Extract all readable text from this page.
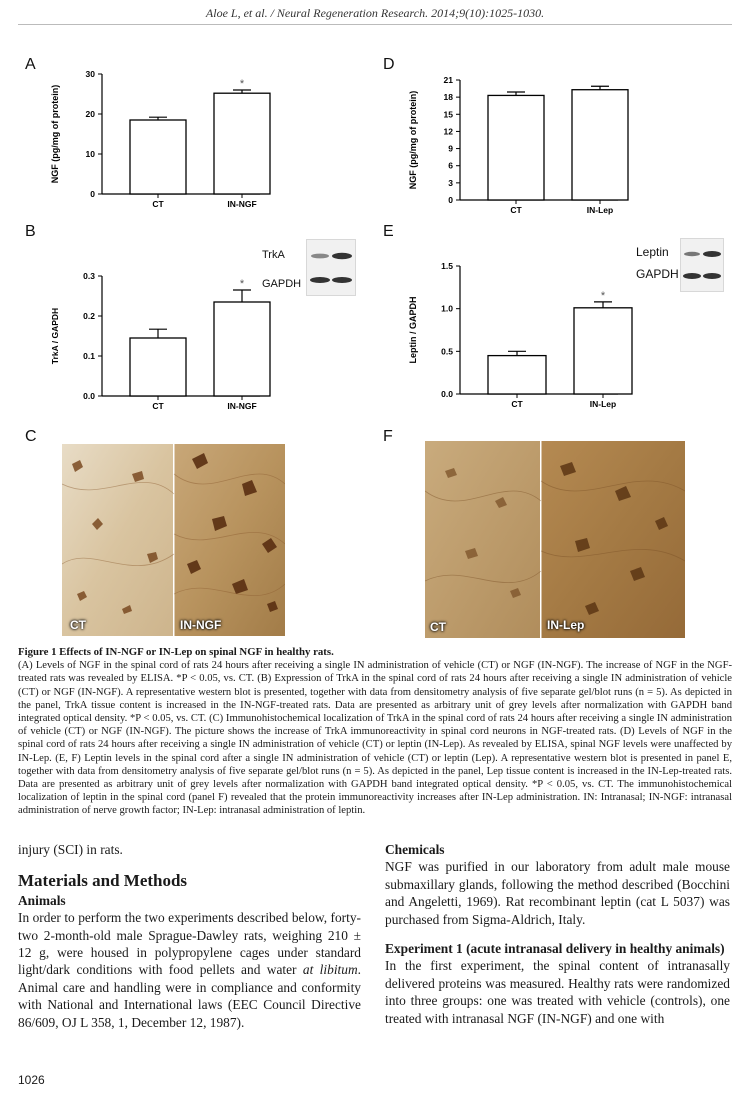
Aloe L, et al. / Neural Regeneration Research. 2014;9(10):1025-1030.
A
B
C
D
E
F
0
10
20
30
NGF (pg/mg of protein)
CT	IN-NGF
*
0.0
0.1
0.2
0.3
TrkA / GAPDH
CT	IN-NGF
*
0
3
6
9
12
15
18
21
NGF (pg/mg of protein)
CT	IN-Lep
0.0
0.5
1.0
1.5
Leptin / GAPDH
CT	IN-Lep
*
TrkA
GAPDH
Leptin
GAPDH
CT	IN-NGF	CT	IN-Lep
Figure 1 Effects of IN-NGF or IN-Lep on spinal NGF in healthy rats.
(A) Levels of NGF in the spinal cord of rats 24 hours after receiving a single IN administration of vehicle (CT) or NGF (IN-NGF). The increase of NGF in the NGF-treated rats was revealed by ELISA. *P < 0.05, vs. CT. (B) Expression of TrkA in the spinal cord of rats 24 hours after receiving a single IN administration of vehicle (CT) or NGF (IN-NGF). A representative western blot is presented, together with data from densitometry analysis of five separate gel/blot runs (n = 5). As depicted in the panel, TrkA tissue content is increased in the IN-NGF-treated rats. Data are presented as arbitrary unit of grey levels after normalization with GAPDH band integrated optical density. *P < 0.05, vs. CT. (C) Immunohistochemical localization of TrkA in the spinal cord of rats 24 hours after receiving a single IN administration of vehicle (CT) or NGF (IN-NGF). The picture shows the increase of TrkA immunoreactivity in spinal cord neurons in NGF-treated rats. (D) Levels of NGF in the spinal cord of rats 24 hours after receiving a single IN administration of vehicle (CT) or leptin (IN-Lep). As revealed by ELISA, spinal NGF levels were unaffected by IN-Lep. (E, F) Leptin levels in the spinal cord after a single IN administration of vehicle (CT) or leptin (Lep). A representative western blot is presented in panel E, together with data from densitometry analysis of five separate gel/blot runs (n = 5). As depicted in the panel, Lep tissue content is increased in the IN-Lep-treated rats. Data are presented as arbitrary unit of grey levels after normalization with GAPDH band integrated optical density. *P < 0.05, vs. CT. The immunohistochemical localization of leptin in the spinal cord (panel F) revealed that the protein immunoreactivity increases after IN-Lep administration. IN: Intranasal; IN-NGF: intranasal administration of nerve growth factor; IN-Lep: intranasal administration of leptin.

injury (SCI) in rats.

Materials and Methods
Animals

In order to perform the two experiments described below, forty-two 2-month-old male Sprague-Dawley rats, weighing 210 ± 12 g, were housed in polypropylene cages under standard light/dark conditions with food pellets and water at libitum. Animal care and handling were in compliance and conformity with National and International laws (EEC Council Directive 86/609, OJ L 358, 1, December 12, 1987).

Chemicals

NGF was purified in our laboratory from adult male mouse submaxillary glands, following the method described (Bocchini and Angeletti, 1969). Rat recombinant leptin (cat L 5037) was purchased from Sigma-Aldrich, Italy.

Experiment 1 (acute intranasal delivery in healthy animals)

In the first experiment, the spinal content of intranasally delivered proteins was measured. Healthy rats were randomized into three groups: one was treated with vehicle (controls), one treated with intranasal NGF (IN-NGF) and one with

1026
